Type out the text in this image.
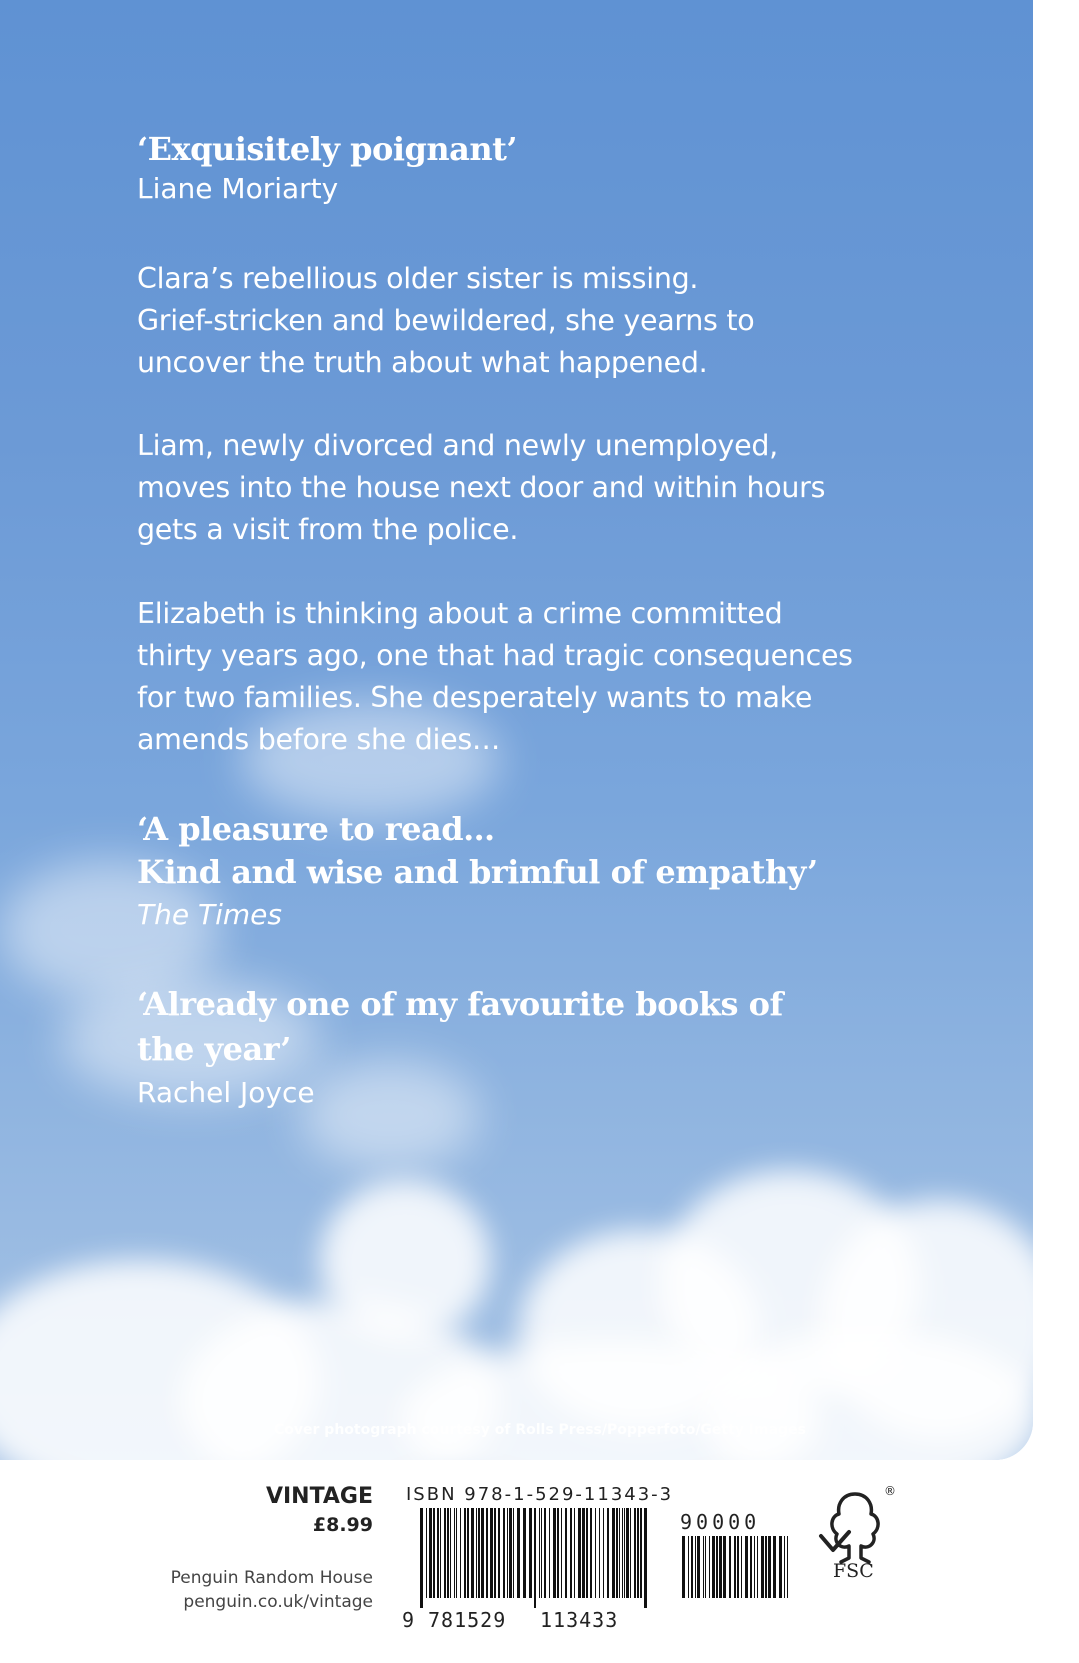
‘Exquisitely poignant’
Liane Moriarty
Clara’s rebellious older sister is missing.
Grief-stricken and bewildered, she yearns to
uncover the truth about what happened.
Liam, newly divorced and newly unemployed,
moves into the house next door and within hours
gets a visit from the police.
Elizabeth is thinking about a crime committed
thirty years ago, one that had tragic consequences
for two families. She desperately wants to make
amends before she dies…
‘A pleasure to read…
Kind and wise and brimful of empathy’
The Times
‘Already one of my favourite books of
the year’
Rachel Joyce
Cover photograph courtesy of Rolls Press/Popperfoto/Getty Images
VINTAGE
£8.99
Penguin Random House
penguin.co.uk/vintage
ISBN 978-1-529-11343-3
9 781529 113433
90000
®
FSC
